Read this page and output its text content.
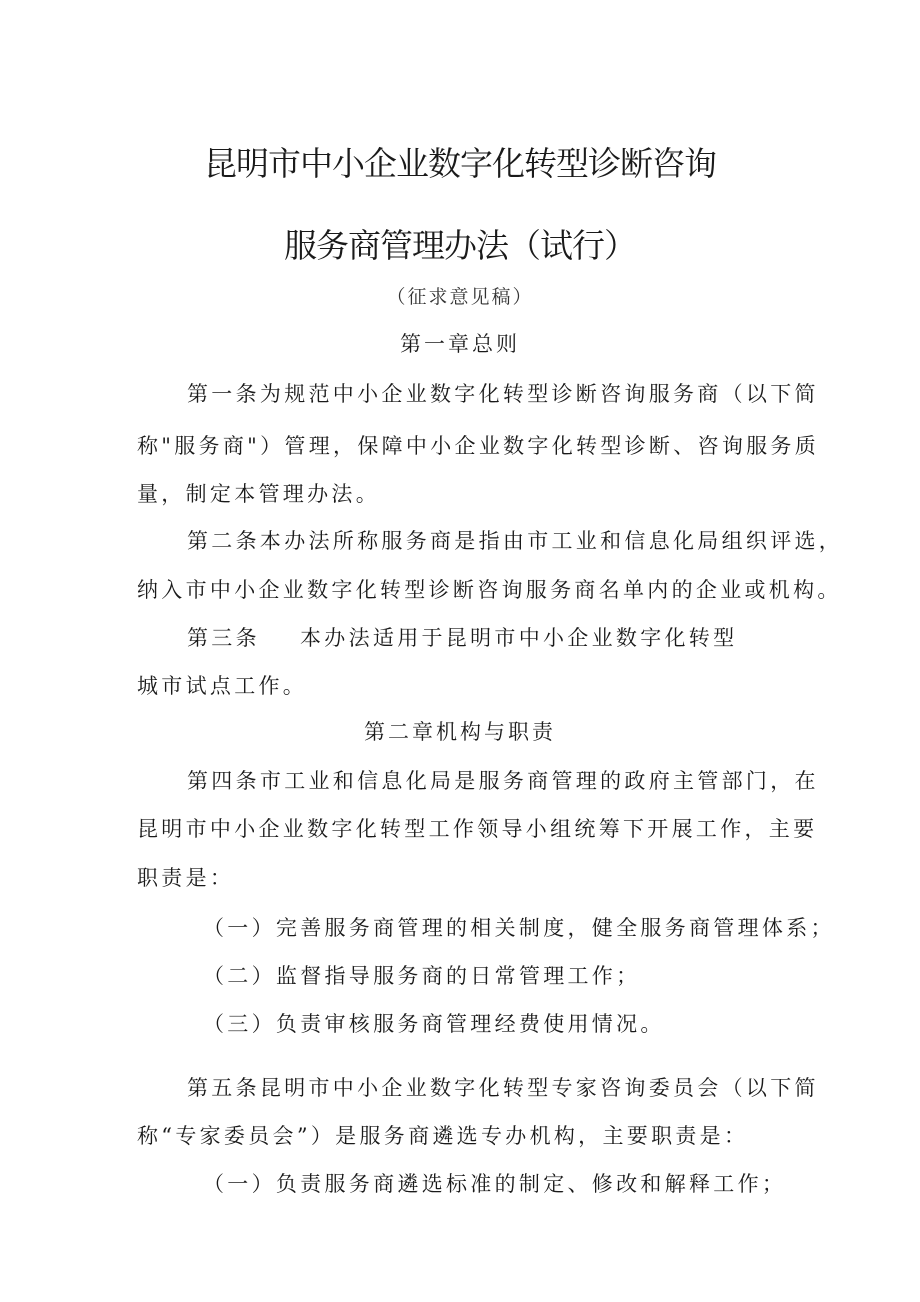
昆明市中小企业数字化转型诊断咨询
服务商管理办法（试行）
（征求意见稿）
第一章总则
第一条为规范中小企业数字化转型诊断咨询服务商（以下简
称"服务商"）管理，保障中小企业数字化转型诊断、咨询服务质
量，制定本管理办法。
第二条本办法所称服务商是指由市工业和信息化局组织评选，
纳入市中小企业数字化转型诊断咨询服务商名单内的企业或机构。
第三条 本办法适用于昆明市中小企业数字化转型
城市试点工作。
第二章机构与职责
第四条市工业和信息化局是服务商管理的政府主管部门，在
昆明市中小企业数字化转型工作领导小组统筹下开展工作，主要
职责是：
（一）完善服务商管理的相关制度，健全服务商管理体系；
（二）监督指导服务商的日常管理工作；
（三）负责审核服务商管理经费使用情况。
第五条昆明市中小企业数字化转型专家咨询委员会（以下简
称“专家委员会”）是服务商遴选专办机构，主要职责是：
（一）负责服务商遴选标准的制定、修改和解释工作；
